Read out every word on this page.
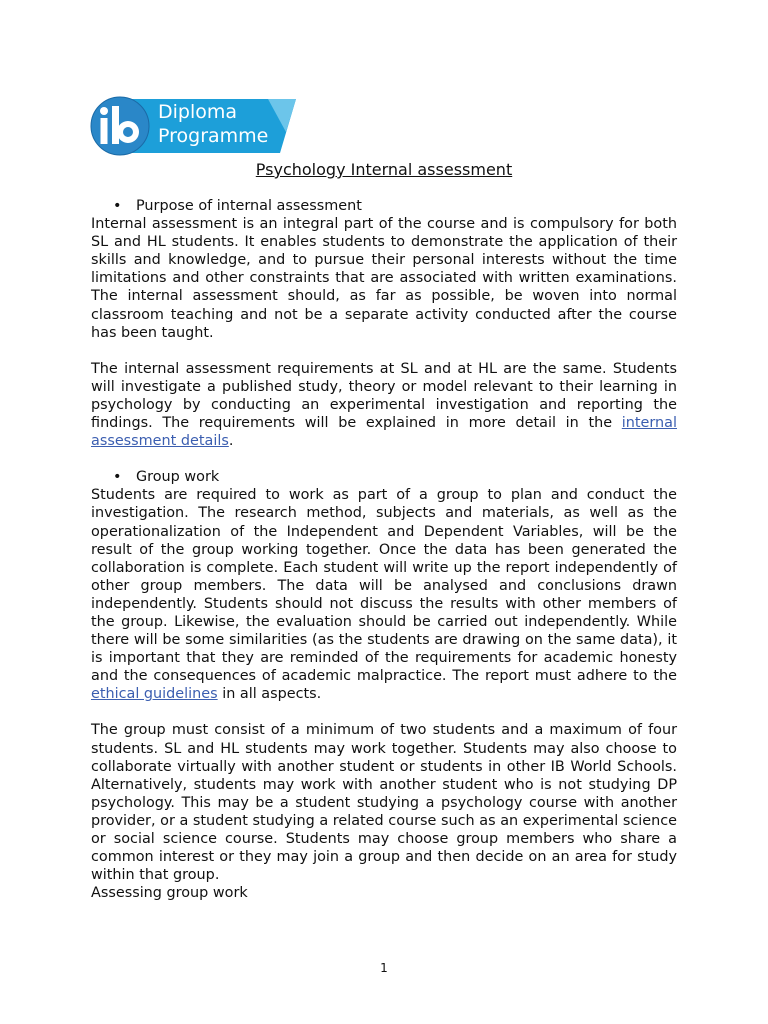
Diploma
Programme
Psychology Internal assessment
• Purpose of internal assessment

Internal assessment is an integral part of the course and is compulsory for both SL and HL students. It enables students to demonstrate the application of their skills and knowledge, and to pursue their personal interests without the time limitations and other constraints that are associated with written examinations. The internal assessment should, as far as possible, be woven into normal classroom teaching and not be a separate activity conducted after the course has been taught.

The internal assessment requirements at SL and at HL are the same. Students will investigate a published study, theory or model relevant to their learning in psychology by conducting an experimental investigation and reporting the findings. The requirements will be explained in more detail in the internal assessment details.

• Group work

Students are required to work as part of a group to plan and conduct the investigation. The research method, subjects and materials, as well as the operationalization of the Independent and Dependent Variables, will be the result of the group working together. Once the data has been generated the collaboration is complete. Each student will write up the report independently of other group members. The data will be analysed and conclusions drawn independently. Students should not discuss the results with other members of the group. Likewise, the evaluation should be carried out independently. While there will be some similarities (as the students are drawing on the same data), it is important that they are reminded of the requirements for academic honesty and the consequences of academic malpractice. The report must adhere to the ethical guidelines in all aspects.

The group must consist of a minimum of two students and a maximum of four students. SL and HL students may work together. Students may also choose to collaborate virtually with another student or students in other IB World Schools. Alternatively, students may work with another student who is not studying DP psychology. This may be a student studying a psychology course with another provider, or a student studying a related course such as an experimental science or social science course. Students may choose group members who share a common interest or they may join a group and then decide on an area for study within that group.

Assessing group work
1
